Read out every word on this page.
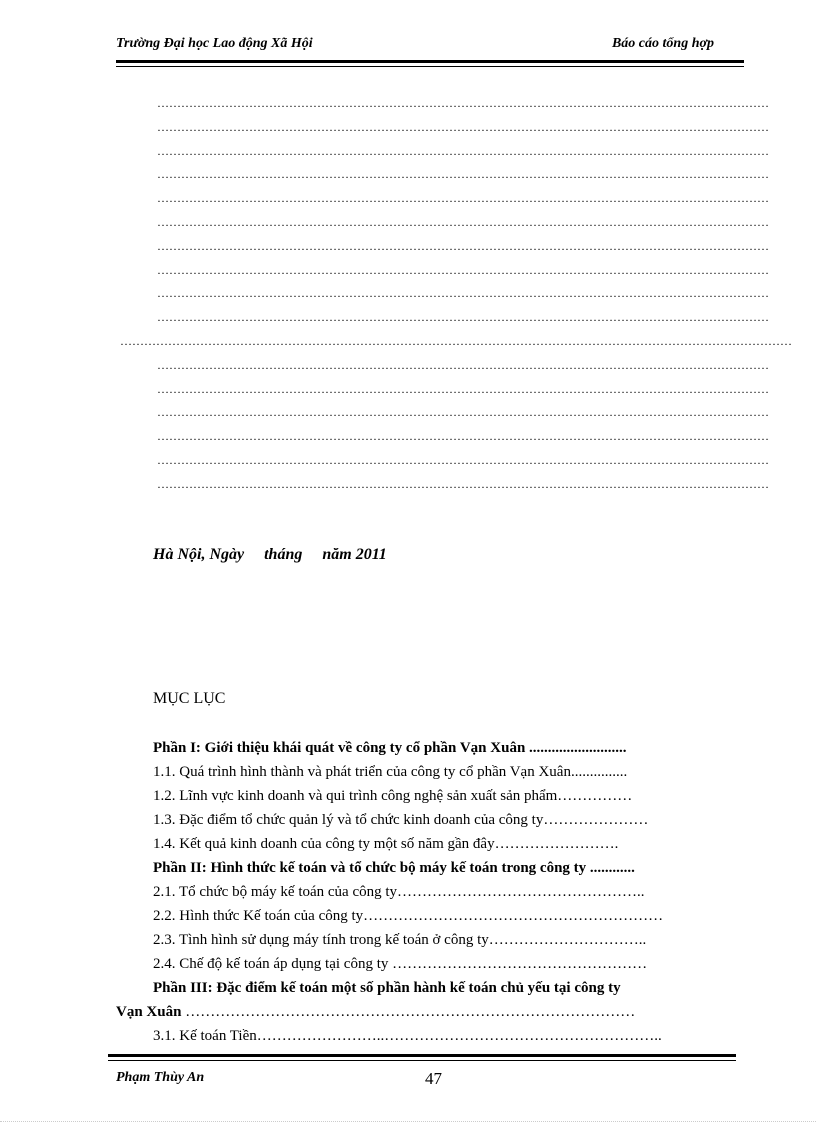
Trường Đại học Lao động Xã Hội	Báo cáo tổng hợp
………………………………………………………………………………………………………………………………………
………………………………………………………………………………………………………………………………………
………………………………………………………………………………………………………………………………………
………………………………………………………………………………………………………………………………………
………………………………………………………………………………………………………………………………………
………………………………………………………………………………………………………………………………………
………………………………………………………………………………………………………………………………………
………………………………………………………………………………………………………………………………………
………………………………………………………………………………………………………………………………………
………………………………………………………………………………………………………………………………………
……………………………………………………………………………………………………………………………………………………
………………………………………………………………………………………………………………………………………
………………………………………………………………………………………………………………………………………
………………………………………………………………………………………………………………………………………
………………………………………………………………………………………………………………………………………
………………………………………………………………………………………………………………………………………
………………………………………………………………………………………………………………………………………
Hà Nội, Ngày     tháng     năm 2011
MỤC LỤC
Phần I: Giới thiệu khái quát về công ty cổ phần Vạn Xuân ..........................
1.1. Quá trình hình thành và phát triển của công ty cổ phần Vạn Xuân...............
1.2. Lĩnh vực kinh doanh và qui trình công nghệ sản xuất sản phẩm……………
1.3. Đặc điểm tổ chức quản lý và tổ chức kinh doanh của công ty…………………
1.4. Kết quả kinh doanh của công ty một số năm gần đây…………………….
Phần II: Hình thức kế toán và tổ chức bộ máy kế toán trong công ty ............
2.1. Tổ chức bộ máy kế toán của công ty…………………………………………..
2.2. Hình thức Kế toán của công ty……………………………………………………
2.3. Tình hình sử dụng máy tính trong kế toán ở công ty…………………………..
2.4. Chế độ kế toán áp dụng tại công ty ……………………………………………
Phần III: Đặc điểm kế toán một số phần hành kế toán chủ yếu tại công ty
Vạn Xuân ………………………………………………………………………………
3.1. Kế toán Tiền……………………..………………………………………………..
Phạm Thùy An	47
